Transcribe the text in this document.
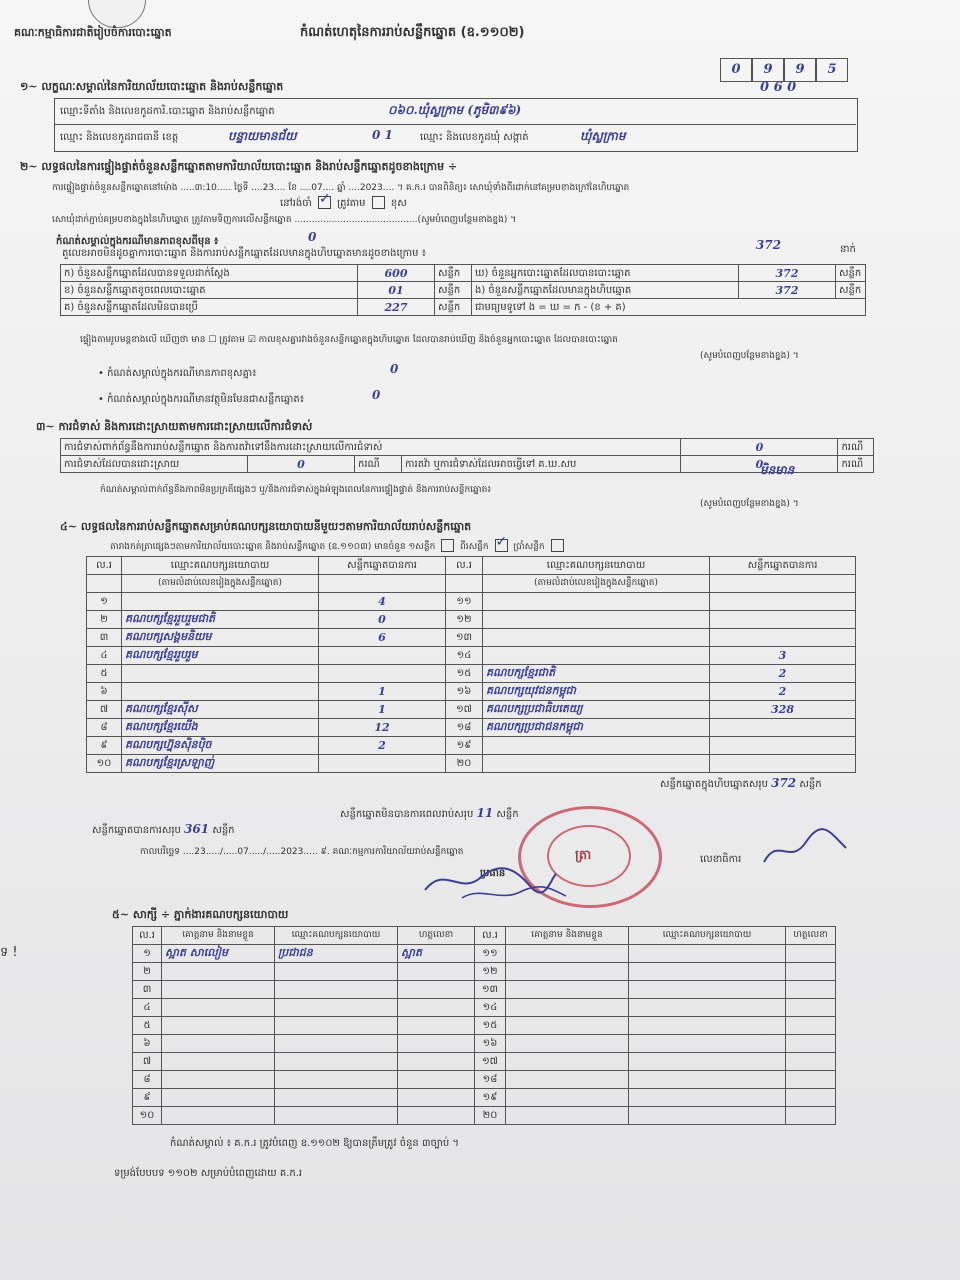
គណៈកម្មាធិការជាតិរៀបចំការបោះឆ្នោត	កំណត់ហេតុនៃការរាប់សន្លឹកឆ្នោត (ឧ.១១០២)
0	9	9	5
១~ លក្ខណៈសម្គាល់នៃការិយាល័យបោះឆ្នោត និងរាប់សន្លឹកឆ្នោត
ឈ្មោះទីតាំង និងលេខកូដការិ.បោះឆ្នោត និងរាប់សន្លឹកឆ្នោត	០៦០.ឃុំស្លក្រាម (ភូមិ៣៩៦)
0 6 0
ឈ្មោះ និងលេខកូដរាជធានី ខេត្ត	បន្ទាយមានជ័យ	0 1	ឈ្មោះ និងលេខកូដឃុំ សង្កាត់	ឃុំស្លក្រាម
២~ លទ្ធផលនៃការផ្ទៀងផ្ទាត់ចំនួនសន្លឹកឆ្នោតតាមការិយាល័យបោះឆ្នោត និងរាប់សន្លឹកឆ្នោតដូចខាងក្រោម ÷
ការផ្ទៀងផ្ទាត់ចំនួនសន្លឹកឆ្នោតនៅម៉ោង .....៣:10..... ថ្ងៃទី ....23.... ខែ ....07.... ឆ្នាំ ....2023.... ។ គ.ក.រ បានពិនិត្យ៖ សោឃុំទាំងពីរដាក់នៅគម្របខាងក្រៅនៃហិបឆ្នោត
នៅរង់ចាំ ✓	ត្រូវតាម	ខុស
សោឃុំដាក់ភ្ជាប់គម្របខាងក្នុងនៃហិបឆ្នោត ត្រូវតាមទិញការលើសន្លឹកឆ្នោត ...........................................(សូមបំពេញបន្ថែមខាងខ្នង) ។
កំណត់សម្គាល់ក្នុងករណីមានភាពខុសពីមុន ៖	0
តួលេខអាចមិនដូចគ្នាការបោះឆ្នោត និងការរាប់សន្លឹកឆ្នោតដែលមានក្នុងហិបឆ្នោតមានដូចខាងក្រោម ៖
372	នាក់
ក) ចំនួនសន្លឹកឆ្នោតដែលបានទទួលដាក់ស្តែង	600	សន្លឹក	ឃ) ចំនួនអ្នកបោះឆ្នោតដែលបានបោះឆ្នោត	372	សន្លឹក
ខ) ចំនួនសន្លឹកឆ្នោតខូចពេលបោះឆ្នោត	01	សន្លឹក	ង) ចំនួនសន្លឹកឆ្នោតដែលមានក្នុងហិបឆ្នោត	372	សន្លឹក
គ) ចំនួនសន្លឹកឆ្នោតដែលមិនបានប្រើ	227	សន្លឹក	ជាមធ្យមទូទៅ ង = ឃ = ក - (ខ + គ)		
ផ្ទៀងតាមរូបមន្តខាងលើ ឃើញថា មាន ☐ ត្រូវតាម ☑ កាលខុសគ្នារវាងចំនួនសន្លឹកឆ្នោតក្នុងហិបឆ្នោត ដែលបានរាប់ឃើញ និងចំនួនអ្នកបោះឆ្នោត ដែលបានបោះឆ្នោត
(សូមបំពេញបន្ថែមខាងខ្នង) ។
• កំណត់សម្គាល់ក្នុងករណីមានភាពខុសគ្នា៖	0
• កំណត់សម្គាល់ក្នុងករណីមានវត្ថុមិនមែនជាសន្លឹកឆ្នោត៖	0
៣~ ការជំទាស់ និងការដោះស្រាយតាមការដោះស្រាយលើការជំទាស់
ការជំទាស់ពាក់ព័ន្ធនឹងការរាប់សន្លឹកឆ្នោត និងការតវ៉ាទៅនឹងការដោះស្រាយលើការជំទាស់				0	ករណី
ការជំទាស់ដែលបានដោះស្រាយ	0	ករណី	ការតវ៉ា ឬការជំទាស់ដែលអាចធ្វើទៅ គ.ឃ.សប	0	ករណី
មិនមាន
កំណត់សម្គាល់ពាក់ព័ន្ធនឹងភាពមិនប្រក្រតីផ្សេងៗ ឬ/និងការជំទាស់ក្នុងអំឡុងពេលនៃការផ្ទៀងផ្ទាត់ និងការរាប់សន្លឹកឆ្នោត៖
(សូមបំពេញបន្ថែមខាងខ្នង) ។
៤~ លទ្ធផលនៃការរាប់សន្លឹកឆ្នោតសម្រាប់គណបក្សនយោបាយនីមួយៗតាមការិយាល័យរាប់សន្លឹកឆ្នោត
តារាងកត់ត្រាផ្សេងៗតាមការិយាល័យបោះឆ្នោត និងរាប់សន្លឹកឆ្នោត (ឧ.១១០៣) មានចំនួន ១សន្លឹក	ពីរសន្លឹក ✓	ប្រាំសន្លឹក
ល.រ	ឈ្មោះគណបក្សនយោបាយ	សន្លឹកឆ្នោតបានការ	ល.រ	ឈ្មោះគណបក្សនយោបាយ	សន្លឹកឆ្នោតបានការ
	(តាមលំដាប់លេខរៀងក្នុងសន្លឹកឆ្នោត)			(តាមលំដាប់លេខរៀងក្នុងសន្លឹកឆ្នោត)	
១		4	១១		
២	គណបក្សខ្មែររួបរួមជាតិ	0	១២		
៣	គណបក្សសង្គមនិយម	6	១៣		
៤	គណបក្សខ្មែររួបរួម		១៤		3
៥			១៥	គណបក្សខ្មែរជាតិ	2
៦		1	១៦	គណបក្សយុវជនកម្ពុជា	2
៧	គណបក្សខ្មែរស៊ីស	1	១៧	គណបក្សប្រជាធិបតេយ្យ	328
៨	គណបក្សខ្មែរយើង	12	១៨	គណបក្សប្រជាជនកម្ពុជា	
៩	គណបក្សហ្វ៊ុនស៊ិនប៉ិច	2	១៩		
១០	គណបក្សខ្មែរស្រឡាញ់		២០		
សន្លឹកឆ្នោតបានការសរុប 361 សន្លឹក
សន្លឹកឆ្នោតមិនបានការពេលរាប់សរុប 11 សន្លឹក
សន្លឹកឆ្នោតក្នុងហិបឆ្នោតសរុប 372 សន្លឹក
កាលបរិច្ឆេទ ....23...../.....07...../.....2023..... ៩. គណៈកម្មការការិយាល័យរាប់សន្លឹកឆ្នោត
ប្រធាន
លេខាធិការ
ត្រា
៥~ សាក្សី ÷ ភ្នាក់ងារគណបក្សនយោបាយ
ល.រ	គោត្តនាម និងនាមខ្លួន	ឈ្មោះគណបក្សនយោបាយ	ហត្ថលេខា	ល.រ	គោត្តនាម និងនាមខ្លួន	ឈ្មោះគណបក្សនយោបាយ	ហត្ថលេខា
១	ស្អាត សាលៀម	ប្រជាជន	ស្អាត	១១			
២				១២			
៣				១៣			
៤				១៤			
៥				១៥			
៦				១៦			
៧				១៧			
៨				១៨			
៩				១៩			
១០				២០			
កំណត់សម្គាល់ ៖ គ.ក.រ ត្រូវបំពេញ ឧ.១១០២ ឱ្យបានត្រឹមត្រូវ ចំនួន ៣ច្បាប់ ។
ទម្រង់បែបបទ ១១០២ សម្រាប់បំពេញដោយ គ.ក.រ
ទ !
